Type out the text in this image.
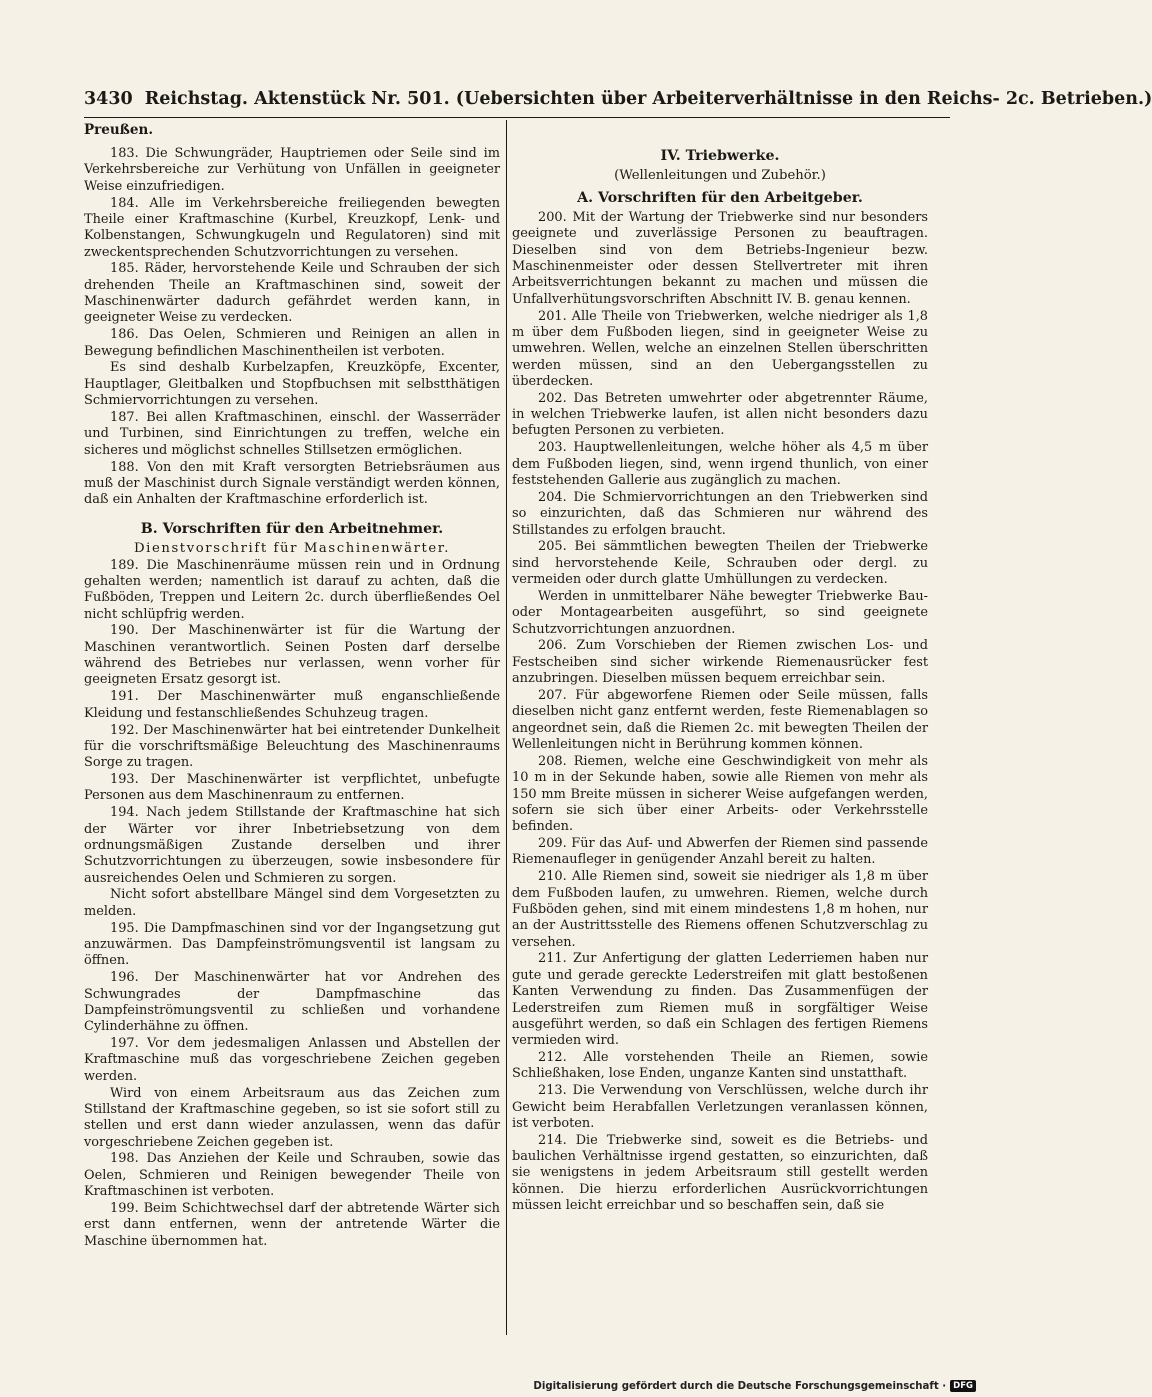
3430 Reichstag. Aktenstück Nr. 501. (Uebersichten über Arbeiterverhältnisse in den Reichs- 2c. Betrieben.)
Preußen.

183. Die Schwungräder, Hauptriemen oder Seile sind im Verkehrsbereiche zur Verhütung von Unfällen in geeigneter Weise einzufriedigen.

184. Alle im Verkehrsbereiche freiliegenden bewegten Theile einer Kraftmaschine (Kurbel, Kreuzkopf, Lenk- und Kolbenstangen, Schwungkugeln und Regulatoren) sind mit zweckentsprechenden Schutzvorrichtungen zu versehen.

185. Räder, hervorstehende Keile und Schrauben der sich drehenden Theile an Kraftmaschinen sind, soweit der Maschinenwärter dadurch gefährdet werden kann, in geeigneter Weise zu verdecken.

186. Das Oelen, Schmieren und Reinigen an allen in Bewegung befindlichen Maschinentheilen ist verboten.

Es sind deshalb Kurbelzapfen, Kreuzköpfe, Excenter, Hauptlager, Gleitbalken und Stopfbuchsen mit selbstthätigen Schmiervorrichtungen zu versehen.

187. Bei allen Kraftmaschinen, einschl. der Wasserräder und Turbinen, sind Einrichtungen zu treffen, welche ein sicheres und möglichst schnelles Stillsetzen ermöglichen.

188. Von den mit Kraft versorgten Betriebsräumen aus muß der Maschinist durch Signale verständigt werden können, daß ein Anhalten der Kraftmaschine erforderlich ist.

B. Vorschriften für den Arbeitnehmer.
Dienstvorschrift für Maschinenwärter.

189. Die Maschinenräume müssen rein und in Ordnung gehalten werden; namentlich ist darauf zu achten, daß die Fußböden, Treppen und Leitern 2c. durch überfließendes Oel nicht schlüpfrig werden.

190. Der Maschinenwärter ist für die Wartung der Maschinen verantwortlich. Seinen Posten darf derselbe während des Betriebes nur verlassen, wenn vorher für geeigneten Ersatz gesorgt ist.

191. Der Maschinenwärter muß enganschließende Kleidung und festanschließendes Schuhzeug tragen.

192. Der Maschinenwärter hat bei eintretender Dunkelheit für die vorschriftsmäßige Beleuchtung des Maschinenraums Sorge zu tragen.

193. Der Maschinenwärter ist verpflichtet, unbefugte Personen aus dem Maschinenraum zu entfernen.

194. Nach jedem Stillstande der Kraftmaschine hat sich der Wärter vor ihrer Inbetriebsetzung von dem ordnungsmäßigen Zustande derselben und ihrer Schutzvorrichtungen zu überzeugen, sowie insbesondere für ausreichendes Oelen und Schmieren zu sorgen.

Nicht sofort abstellbare Mängel sind dem Vorgesetzten zu melden.

195. Die Dampfmaschinen sind vor der Ingangsetzung gut anzuwärmen. Das Dampfeinströmungsventil ist langsam zu öffnen.

196. Der Maschinenwärter hat vor Andrehen des Schwungrades der Dampfmaschine das Dampfeinströmungsventil zu schließen und vorhandene Cylinderhähne zu öffnen.

197. Vor dem jedesmaligen Anlassen und Abstellen der Kraftmaschine muß das vorgeschriebene Zeichen gegeben werden.

Wird von einem Arbeitsraum aus das Zeichen zum Stillstand der Kraftmaschine gegeben, so ist sie sofort still zu stellen und erst dann wieder anzulassen, wenn das dafür vorgeschriebene Zeichen gegeben ist.

198. Das Anziehen der Keile und Schrauben, sowie das Oelen, Schmieren und Reinigen bewegender Theile von Kraftmaschinen ist verboten.

199. Beim Schichtwechsel darf der abtretende Wärter sich erst dann entfernen, wenn der antretende Wärter die Maschine übernommen hat.

IV. Triebwerke.
(Wellenleitungen und Zubehör.)
A. Vorschriften für den Arbeitgeber.

200. Mit der Wartung der Triebwerke sind nur besonders geeignete und zuverlässige Personen zu beauftragen. Dieselben sind von dem Betriebs-Ingenieur bezw. Maschinenmeister oder dessen Stellvertreter mit ihren Arbeitsverrichtungen bekannt zu machen und müssen die Unfallverhütungsvorschriften Abschnitt IV. B. genau kennen.

201. Alle Theile von Triebwerken, welche niedriger als 1,8 m über dem Fußboden liegen, sind in geeigneter Weise zu umwehren. Wellen, welche an einzelnen Stellen überschritten werden müssen, sind an den Uebergangsstellen zu überdecken.

202. Das Betreten umwehrter oder abgetrennter Räume, in welchen Triebwerke laufen, ist allen nicht besonders dazu befugten Personen zu verbieten.

203. Hauptwellenleitungen, welche höher als 4,5 m über dem Fußboden liegen, sind, wenn irgend thunlich, von einer feststehenden Gallerie aus zugänglich zu machen.

204. Die Schmiervorrichtungen an den Triebwerken sind so einzurichten, daß das Schmieren nur während des Stillstandes zu erfolgen braucht.

205. Bei sämmtlichen bewegten Theilen der Triebwerke sind hervorstehende Keile, Schrauben oder dergl. zu vermeiden oder durch glatte Umhüllungen zu verdecken.

Werden in unmittelbarer Nähe bewegter Triebwerke Bau- oder Montagearbeiten ausgeführt, so sind geeignete Schutzvorrichtungen anzuordnen.

206. Zum Vorschieben der Riemen zwischen Los- und Festscheiben sind sicher wirkende Riemenausrücker fest anzubringen. Dieselben müssen bequem erreichbar sein.

207. Für abgeworfene Riemen oder Seile müssen, falls dieselben nicht ganz entfernt werden, feste Riemenablagen so angeordnet sein, daß die Riemen 2c. mit bewegten Theilen der Wellenleitungen nicht in Berührung kommen können.

208. Riemen, welche eine Geschwindigkeit von mehr als 10 m in der Sekunde haben, sowie alle Riemen von mehr als 150 mm Breite müssen in sicherer Weise aufgefangen werden, sofern sie sich über einer Arbeits- oder Verkehrsstelle befinden.

209. Für das Auf- und Abwerfen der Riemen sind passende Riemenaufleger in genügender Anzahl bereit zu halten.

210. Alle Riemen sind, soweit sie niedriger als 1,8 m über dem Fußboden laufen, zu umwehren. Riemen, welche durch Fußböden gehen, sind mit einem mindestens 1,8 m hohen, nur an der Austrittsstelle des Riemens offenen Schutzverschlag zu versehen.

211. Zur Anfertigung der glatten Lederriemen haben nur gute und gerade gereckte Lederstreifen mit glatt bestoßenen Kanten Verwendung zu finden. Das Zusammenfügen der Lederstreifen zum Riemen muß in sorgfältiger Weise ausgeführt werden, so daß ein Schlagen des fertigen Riemens vermieden wird.

212. Alle vorstehenden Theile an Riemen, sowie Schließhaken, lose Enden, unganze Kanten sind unstatthaft.

213. Die Verwendung von Verschlüssen, welche durch ihr Gewicht beim Herabfallen Verletzungen veranlassen können, ist verboten.

214. Die Triebwerke sind, soweit es die Betriebs- und baulichen Verhältnisse irgend gestatten, so einzurichten, daß sie wenigstens in jedem Arbeitsraum still gestellt werden können. Die hierzu erforderlichen Ausrückvorrichtungen müssen leicht erreichbar und so beschaffen sein, daß sie

Digitalisierung gefördert durch die Deutsche Forschungsgemeinschaft · DFG
